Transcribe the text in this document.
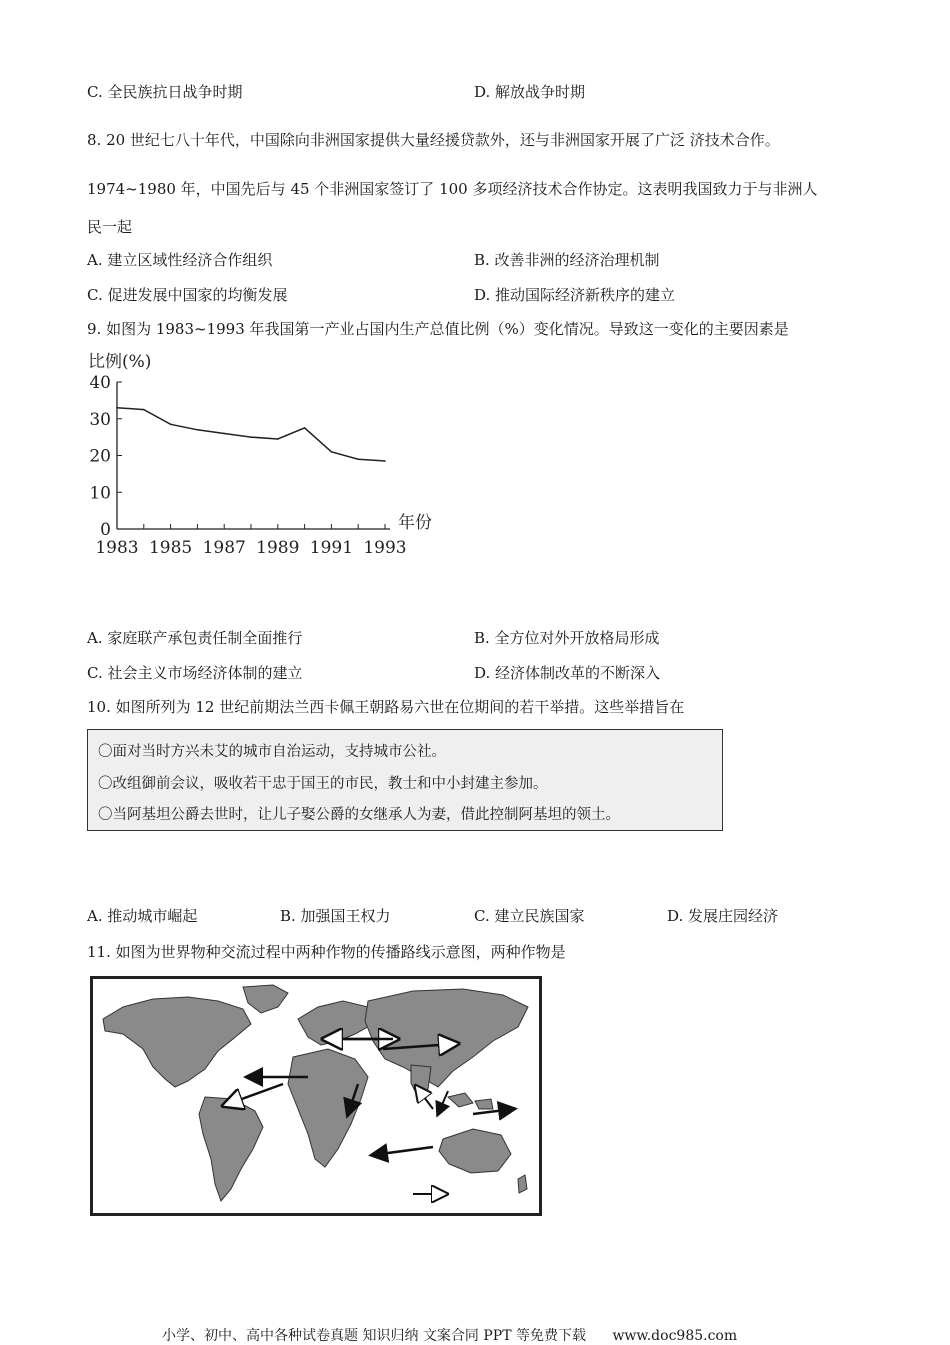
C. 全民族抗日战争时期	D. 解放战争时期
8. 20 世纪七八十年代，中国除向非洲国家提供大量经援贷款外，还与非洲国家开展了广泛 济技术合作。
1974~1980 年，中国先后与 45 个非洲国家签订了 100 多项经济技术合作协定。这表明我国致力于与非洲人
民一起
A. 建立区域性经济合作组织	B. 改善非洲的经济治理机制
C. 促进发展中国家的均衡发展	D. 推动国际经济新秩序的建立
9. 如图为 1983~1993 年我国第一产业占国内生产总值比例（%）变化情况。导致这一变化的主要因素是
比例(%)
0
10
20
30
40
1983 1985 1987 1989 1991 1993
年份
A. 家庭联产承包责任制全面推行	B. 全方位对外开放格局形成
C. 社会主义市场经济体制的建立	D. 经济体制改革的不断深入
10. 如图所列为 12 世纪前期法兰西卡佩王朝路易六世在位期间的若干举措。这些举措旨在
〇面对当时方兴未艾的城市自治运动，支持城市公社。
〇改组御前会议，吸收若干忠于国王的市民，教士和中小封建主参加。
〇当阿基坦公爵去世时，让儿子娶公爵的女继承人为妻，借此控制阿基坦的领土。
A. 推动城市崛起	B. 加强国王权力	C. 建立民族国家	D. 发展庄园经济
11. 如图为世界物种交流过程中两种作物的传播路线示意图，两种作物是
小学、初中、高中各种试卷真题 知识归纳 文案合同 PPT 等免费下载 www.doc985.com
